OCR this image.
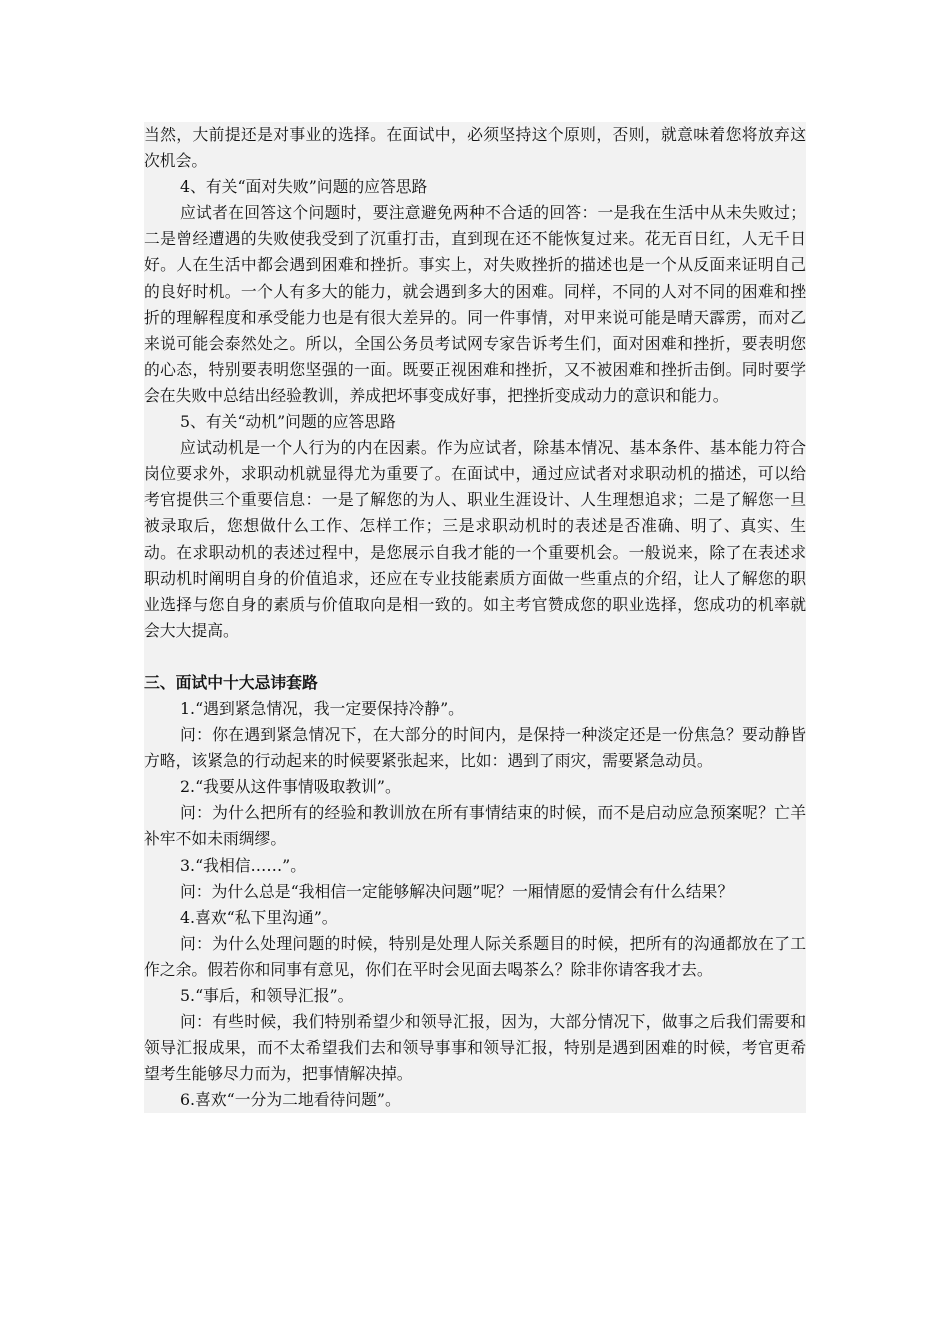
当然，大前提还是对事业的选择。在面试中，必须坚持这个原则，否则，就意味着您将放弃这次机会。

4、有关“面对失败”问题的应答思路

应试者在回答这个问题时，要注意避免两种不合适的回答：一是我在生活中从未失败过；二是曾经遭遇的失败使我受到了沉重打击，直到现在还不能恢复过来。花无百日红，人无千日好。人在生活中都会遇到困难和挫折。事实上，对失败挫折的描述也是一个从反面来证明自己的良好时机。一个人有多大的能力，就会遇到多大的困难。同样，不同的人对不同的困难和挫折的理解程度和承受能力也是有很大差异的。同一件事情，对甲来说可能是晴天霹雳，而对乙来说可能会泰然处之。所以，全国公务员考试网专家告诉考生们，面对困难和挫折，要表明您的心态，特别要表明您坚强的一面。既要正视困难和挫折，又不被困难和挫折击倒。同时要学会在失败中总结出经验教训，养成把坏事变成好事，把挫折变成动力的意识和能力。

5、有关“动机”问题的应答思路

应试动机是一个人行为的内在因素。作为应试者，除基本情况、基本条件、基本能力符合岗位要求外，求职动机就显得尤为重要了。在面试中，通过应试者对求职动机的描述，可以给考官提供三个重要信息：一是了解您的为人、职业生涯设计、人生理想追求；二是了解您一旦被录取后，您想做什么工作、怎样工作；三是求职动机时的表述是否准确、明了、真实、生动。在求职动机的表述过程中，是您展示自我才能的一个重要机会。一般说来，除了在表述求职动机时阐明自身的价值追求，还应在专业技能素质方面做一些重点的介绍，让人了解您的职业选择与您自身的素质与价值取向是相一致的。如主考官赞成您的职业选择，您成功的机率就会大大提高。

三、面试中十大忌讳套路

1.“遇到紧急情况，我一定要保持冷静”。

问：你在遇到紧急情况下，在大部分的时间内，是保持一种淡定还是一份焦急？要动静皆方略，该紧急的行动起来的时候要紧张起来，比如：遇到了雨灾，需要紧急动员。

2.“我要从这件事情吸取教训”。

问：为什么把所有的经验和教训放在所有事情结束的时候，而不是启动应急预案呢？亡羊补牢不如未雨绸缪。

3.“我相信……”。

问：为什么总是“我相信一定能够解决问题”呢？一厢情愿的爱情会有什么结果？

4.喜欢“私下里沟通”。

问：为什么处理问题的时候，特别是处理人际关系题目的时候，把所有的沟通都放在了工作之余。假若你和同事有意见，你们在平时会见面去喝茶么？除非你请客我才去。

5.“事后，和领导汇报”。

问：有些时候，我们特别希望少和领导汇报，因为，大部分情况下，做事之后我们需要和领导汇报成果，而不太希望我们去和领导事事和领导汇报，特别是遇到困难的时候，考官更希望考生能够尽力而为，把事情解决掉。

6.喜欢“一分为二地看待问题”。
